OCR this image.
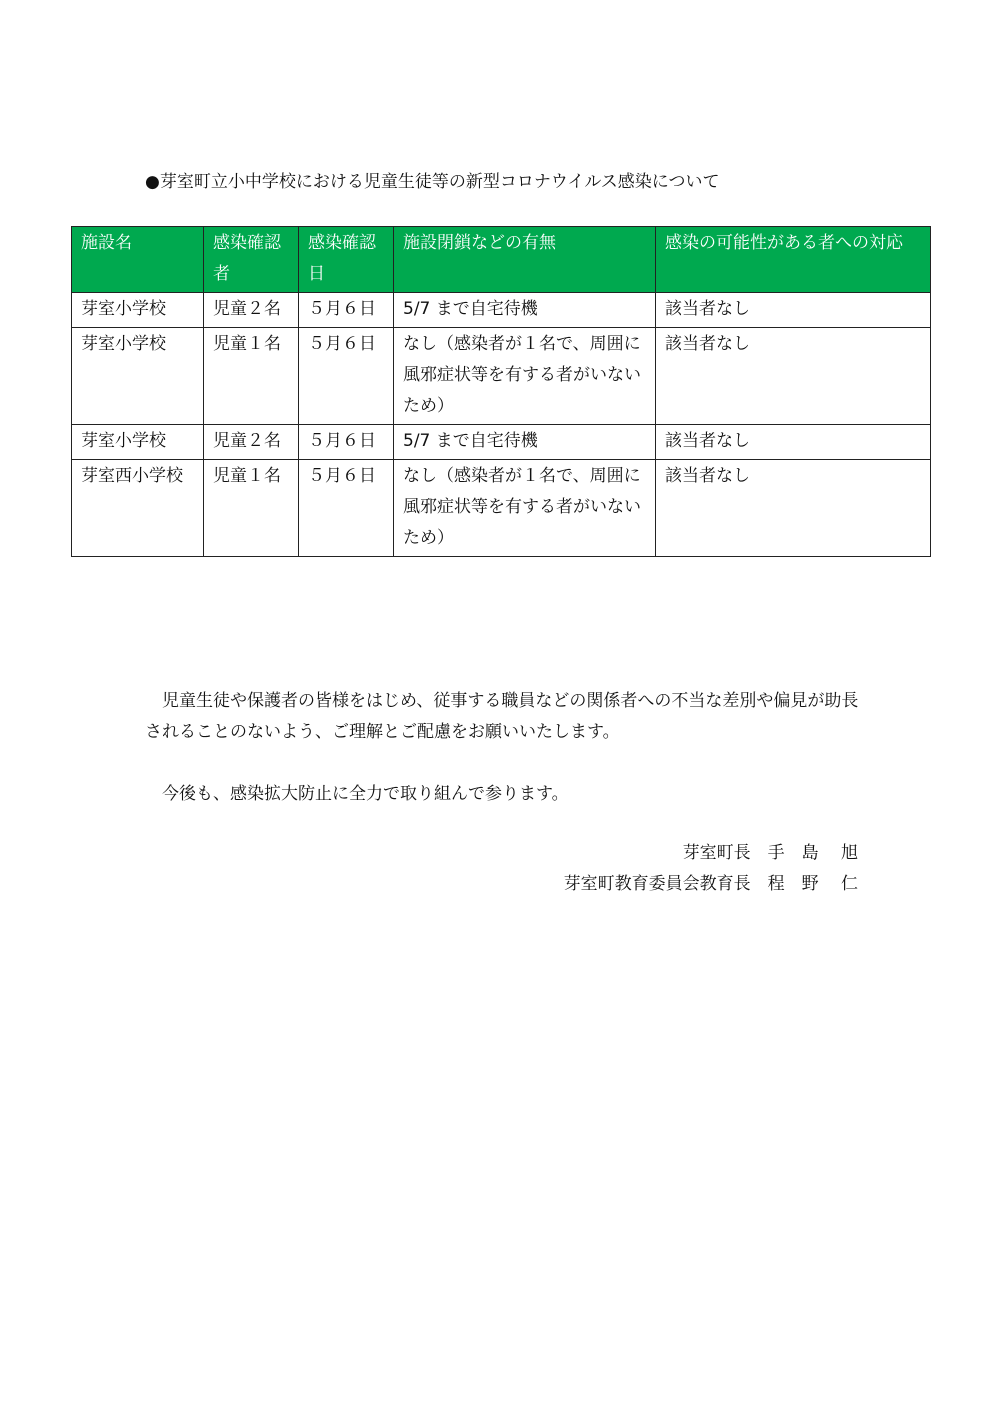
●芽室町立小中学校における児童生徒等の新型コロナウイルス感染について
施設名	感染確認者	感染確認日	施設閉鎖などの有無	感染の可能性がある者への対応
芽室小学校	児童２名	５月６日	5/7 まで自宅待機	該当者なし
芽室小学校	児童１名	５月６日	なし（感染者が１名で、周囲に風邪症状等を有する者がいないため）	該当者なし
芽室小学校	児童２名	５月６日	5/7 まで自宅待機	該当者なし
芽室西小学校	児童１名	５月６日	なし（感染者が１名で、周囲に風邪症状等を有する者がいないため）	該当者なし
児童生徒や保護者の皆様をはじめ、従事する職員などの関係者への不当な差別や偏見が助長されることのないよう、ご理解とご配慮をお願いいたします。
今後も、感染拡大防止に全力で取り組んで参ります。
芽室町長　手　島　 旭
芽室町教育委員会教育長　程　野　 仁
